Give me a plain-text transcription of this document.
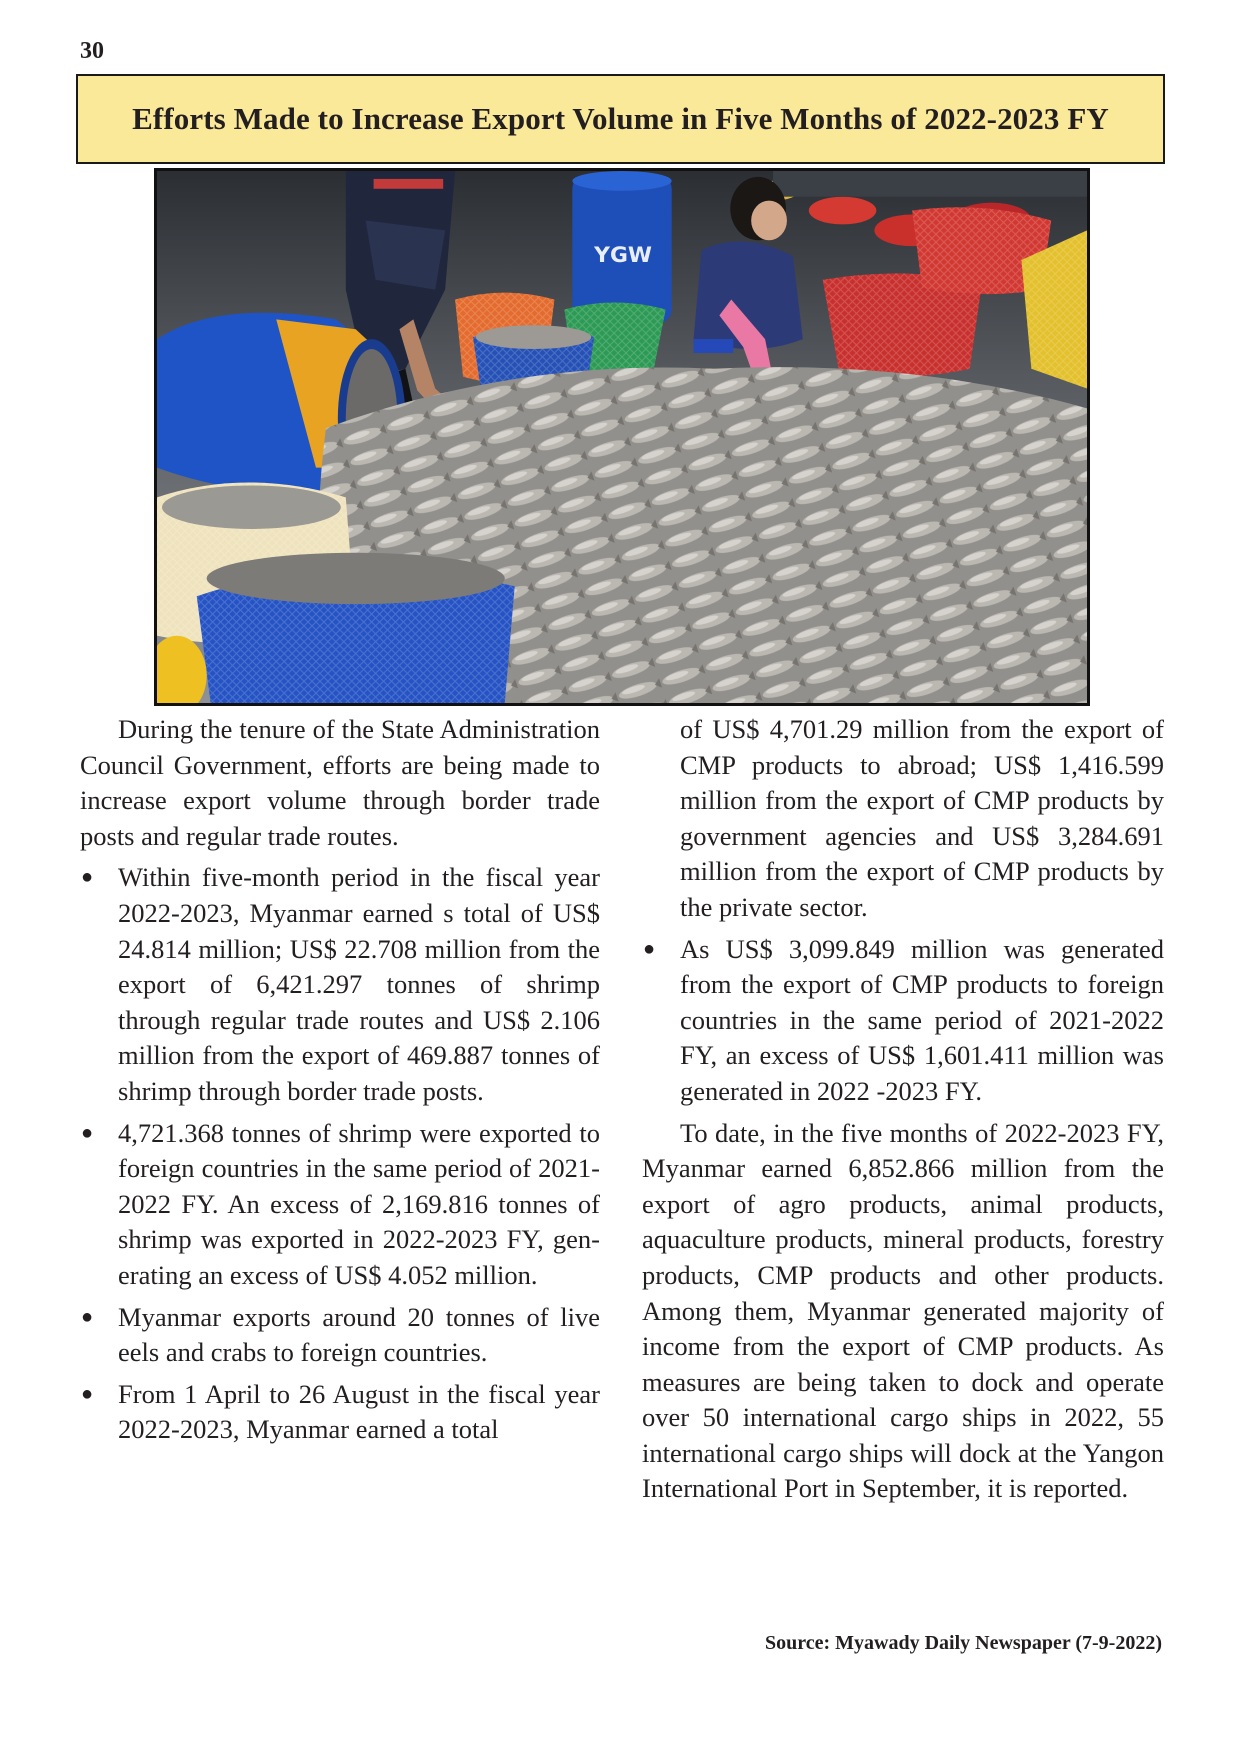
30
Efforts Made to Increase Export Volume in Five Months of 2022-2023 FY
YGW

During the tenure of the State Administration Council Government, efforts are being made to increase export volume through border trade posts and regular trade routes.

● Within five-month period in the fiscal year 2022-2023, Myanmar earned s total of US$ 24.814 million; US$ 22.708 million from the export of 6,421.297 tonnes of shrimp through regular trade routes and US$ 2.106 million from the export of 469.887 tonnes of shrimp through border trade posts.
● 4,721.368 tonnes of shrimp were exported to foreign countries in the same period of 2021-2022 FY. An excess of 2,169.816 tonnes of shrimp was exported in 2022-2023 FY, generating an excess of US$ 4.052 million.
● Myanmar exports around 20 tonnes of live eels and crabs to foreign countries.
● From 1 April to 26 August in the fiscal year 2022-2023, Myanmar earned a total

of US$ 4,701.29 million from the export of CMP products to abroad; US$ 1,416.599 million from the export of CMP products by government agencies and US$ 3,284.691 million from the export of CMP products by the private sector.

● As US$ 3,099.849 million was generated from the export of CMP products to foreign countries in the same period of 2021-2022 FY, an excess of US$ 1,601.411 million was generated in 2022 -2023 FY.

To date, in the five months of 2022-2023 FY, Myanmar earned 6,852.866 million from the export of agro products, animal products, aquaculture products, mineral products, forestry products, CMP products and other products. Among them, Myanmar generated majority of income from the export of CMP products. As measures are being taken to dock and operate over 50 international cargo ships in 2022, 55 international cargo ships will dock at the Yangon International Port in September, it is reported.

Source: Myawady Daily Newspaper (7-9-2022)
